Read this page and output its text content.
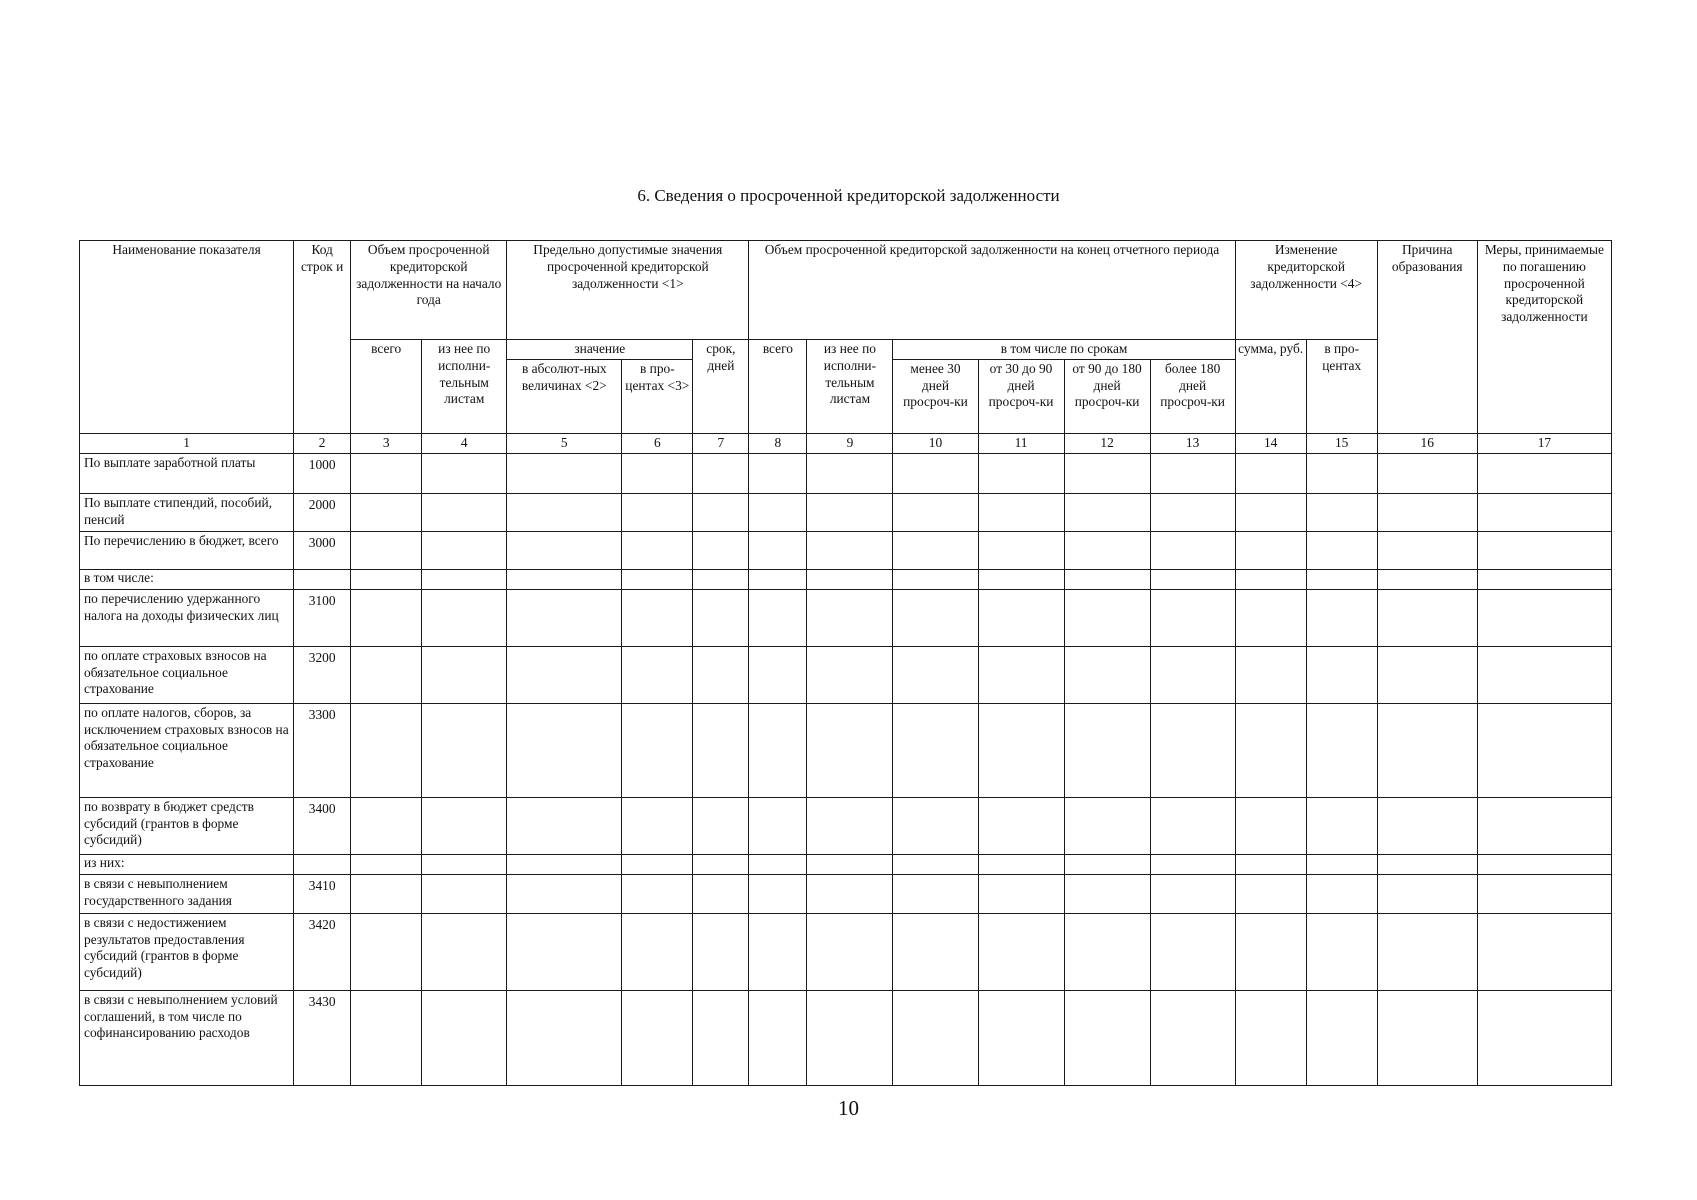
6. Сведения о просроченной кредиторской задолженности
Наименование показателя	Код строк и	Объем просроченной кредиторской задолженности на начало года		Предельно допустимые значения просроченной кредиторской задолженности <1>			Объем просроченной кредиторской задолженности на конец отчетного периода						Изменение кредиторской задолженности <4>		Причина образования	Меры, принимаемые по погашению просроченной кредиторской задолженности
		всего	из нее по исполни-тельным листам	значение		срок, дней	всего	из нее по исполни-тельным листам	в том числе по срокам				сумма, руб.	в про-центах		
				в абсолют-ных величинах <2>	в про-центах <3>				менее 30 дней просроч-ки	от 30 до 90 дней просроч-ки	от 90 до 180 дней просроч-ки	более 180 дней просроч-ки				
1	2	3	4	5	6	7	8	9	10	11	12	13	14	15	16	17
По выплате заработной платы	1000															
По выплате стипендий, пособий, пенсий	2000															
По перечислению в бюджет, всего	3000															
в том числе:																
по перечислению удержанного налога на доходы физических лиц	3100															
по оплате страховых взносов на обязательное социальное страхование	3200															
по оплате налогов, сборов, за исключением страховых взносов на обязательное социальное страхование	3300															
по возврату в бюджет средств субсидий (грантов в форме субсидий)	3400															
из них:																
в связи с невыполнением государственного задания	3410															
в связи с недостижением результатов предоставления субсидий (грантов в форме субсидий)	3420															
в связи с невыполнением условий соглашений, в том числе по софинансированию расходов	3430															
10
